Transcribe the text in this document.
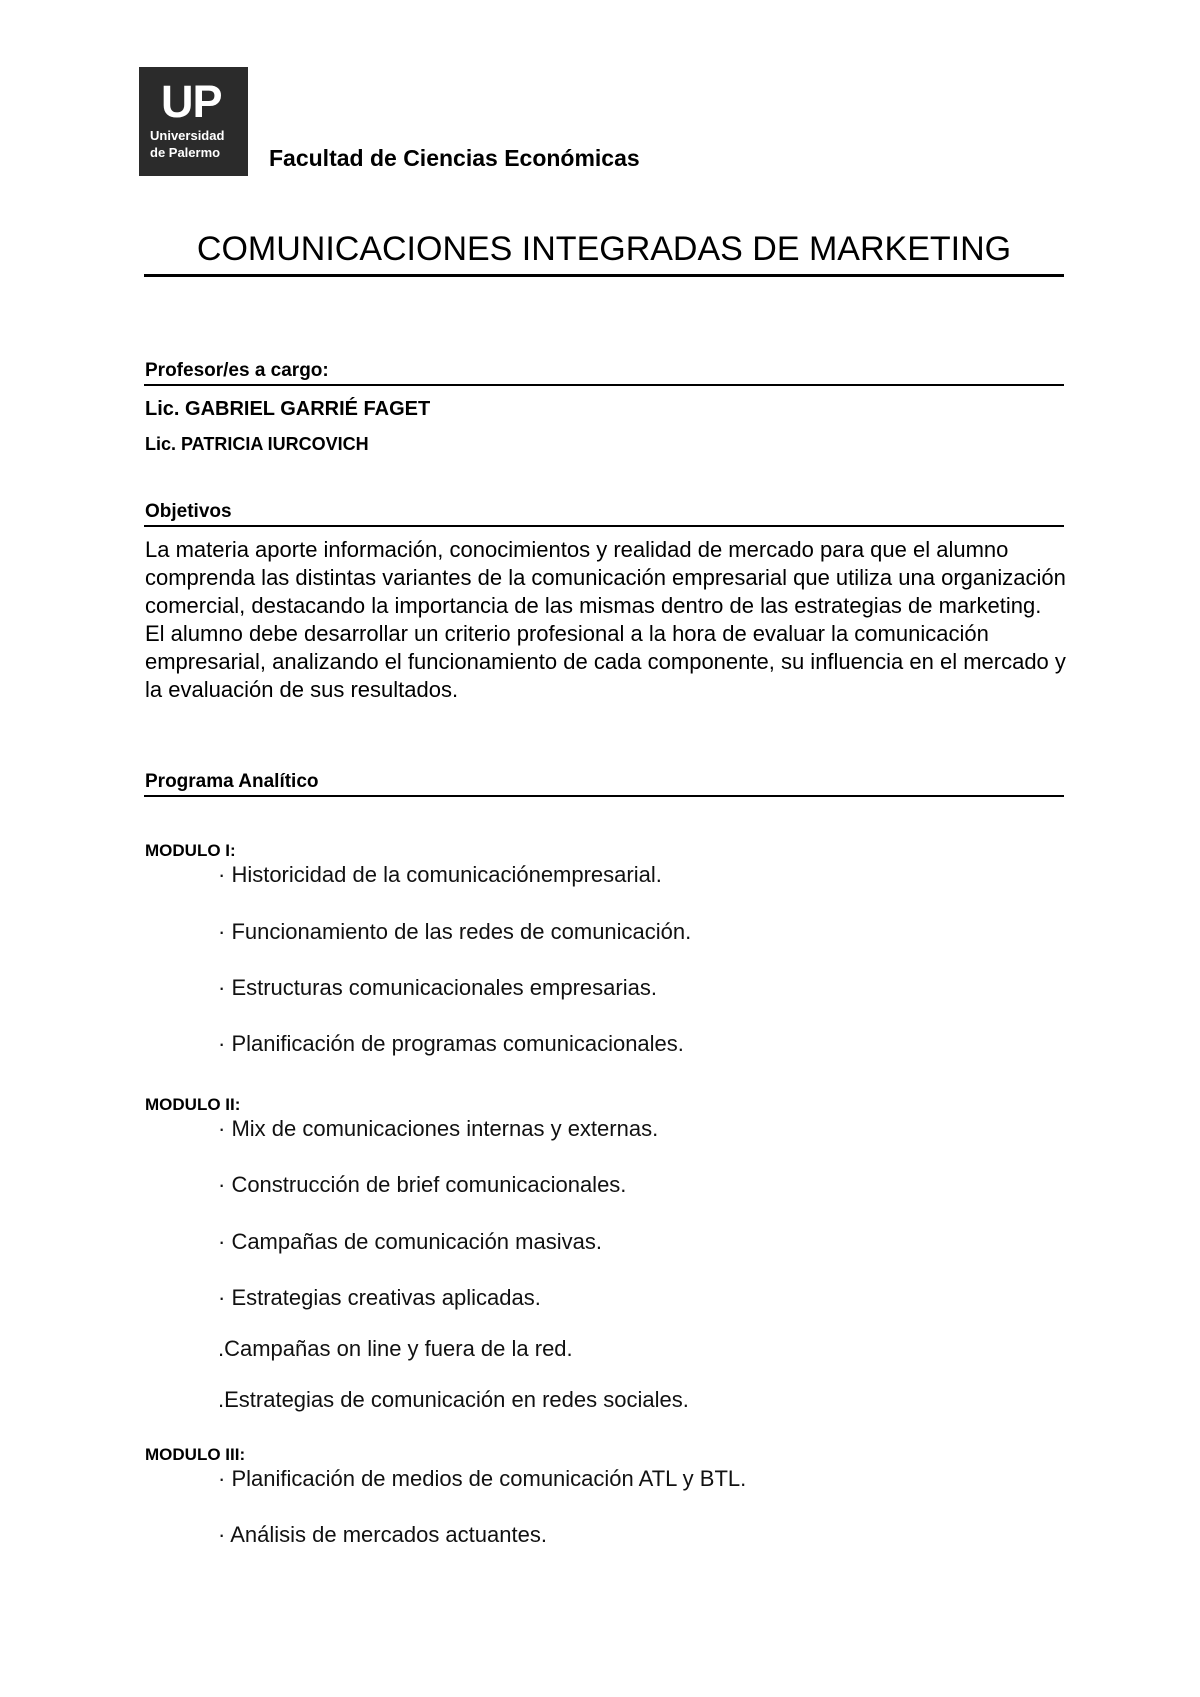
UP
Universidad
de Palermo Facultad de Ciencias Económicas
COMUNICACIONES INTEGRADAS DE MARKETING
Profesor/es a cargo:
Lic. GABRIEL GARRIÉ FAGET
Lic. PATRICIA IURCOVICH
Objetivos

La materia aporte información, conocimientos y realidad de mercado para que el alumno comprenda las distintas variantes de la comunicación empresarial que utiliza una organización comercial, destacando la importancia de las mismas dentro de las estrategias de marketing.

El alumno debe desarrollar un criterio profesional a la hora de evaluar la comunicación empresarial, analizando el funcionamiento de cada componente, su influencia en el mercado y la evaluación de sus resultados.

Programa Analítico
MODULO I:
· Historicidad de la comunicaciónempresarial.
· Funcionamiento de las redes de comunicación.
· Estructuras comunicacionales empresarias.
· Planificación de programas comunicacionales.
MODULO II:
· Mix de comunicaciones internas y externas.
· Construcción de brief comunicacionales.
· Campañas de comunicación masivas.
· Estrategias creativas aplicadas.
.Campañas on line y fuera de la red.
.Estrategias de comunicación en redes sociales.
MODULO III:
· Planificación de medios de comunicación ATL y BTL.
· Análisis de mercados actuantes.
